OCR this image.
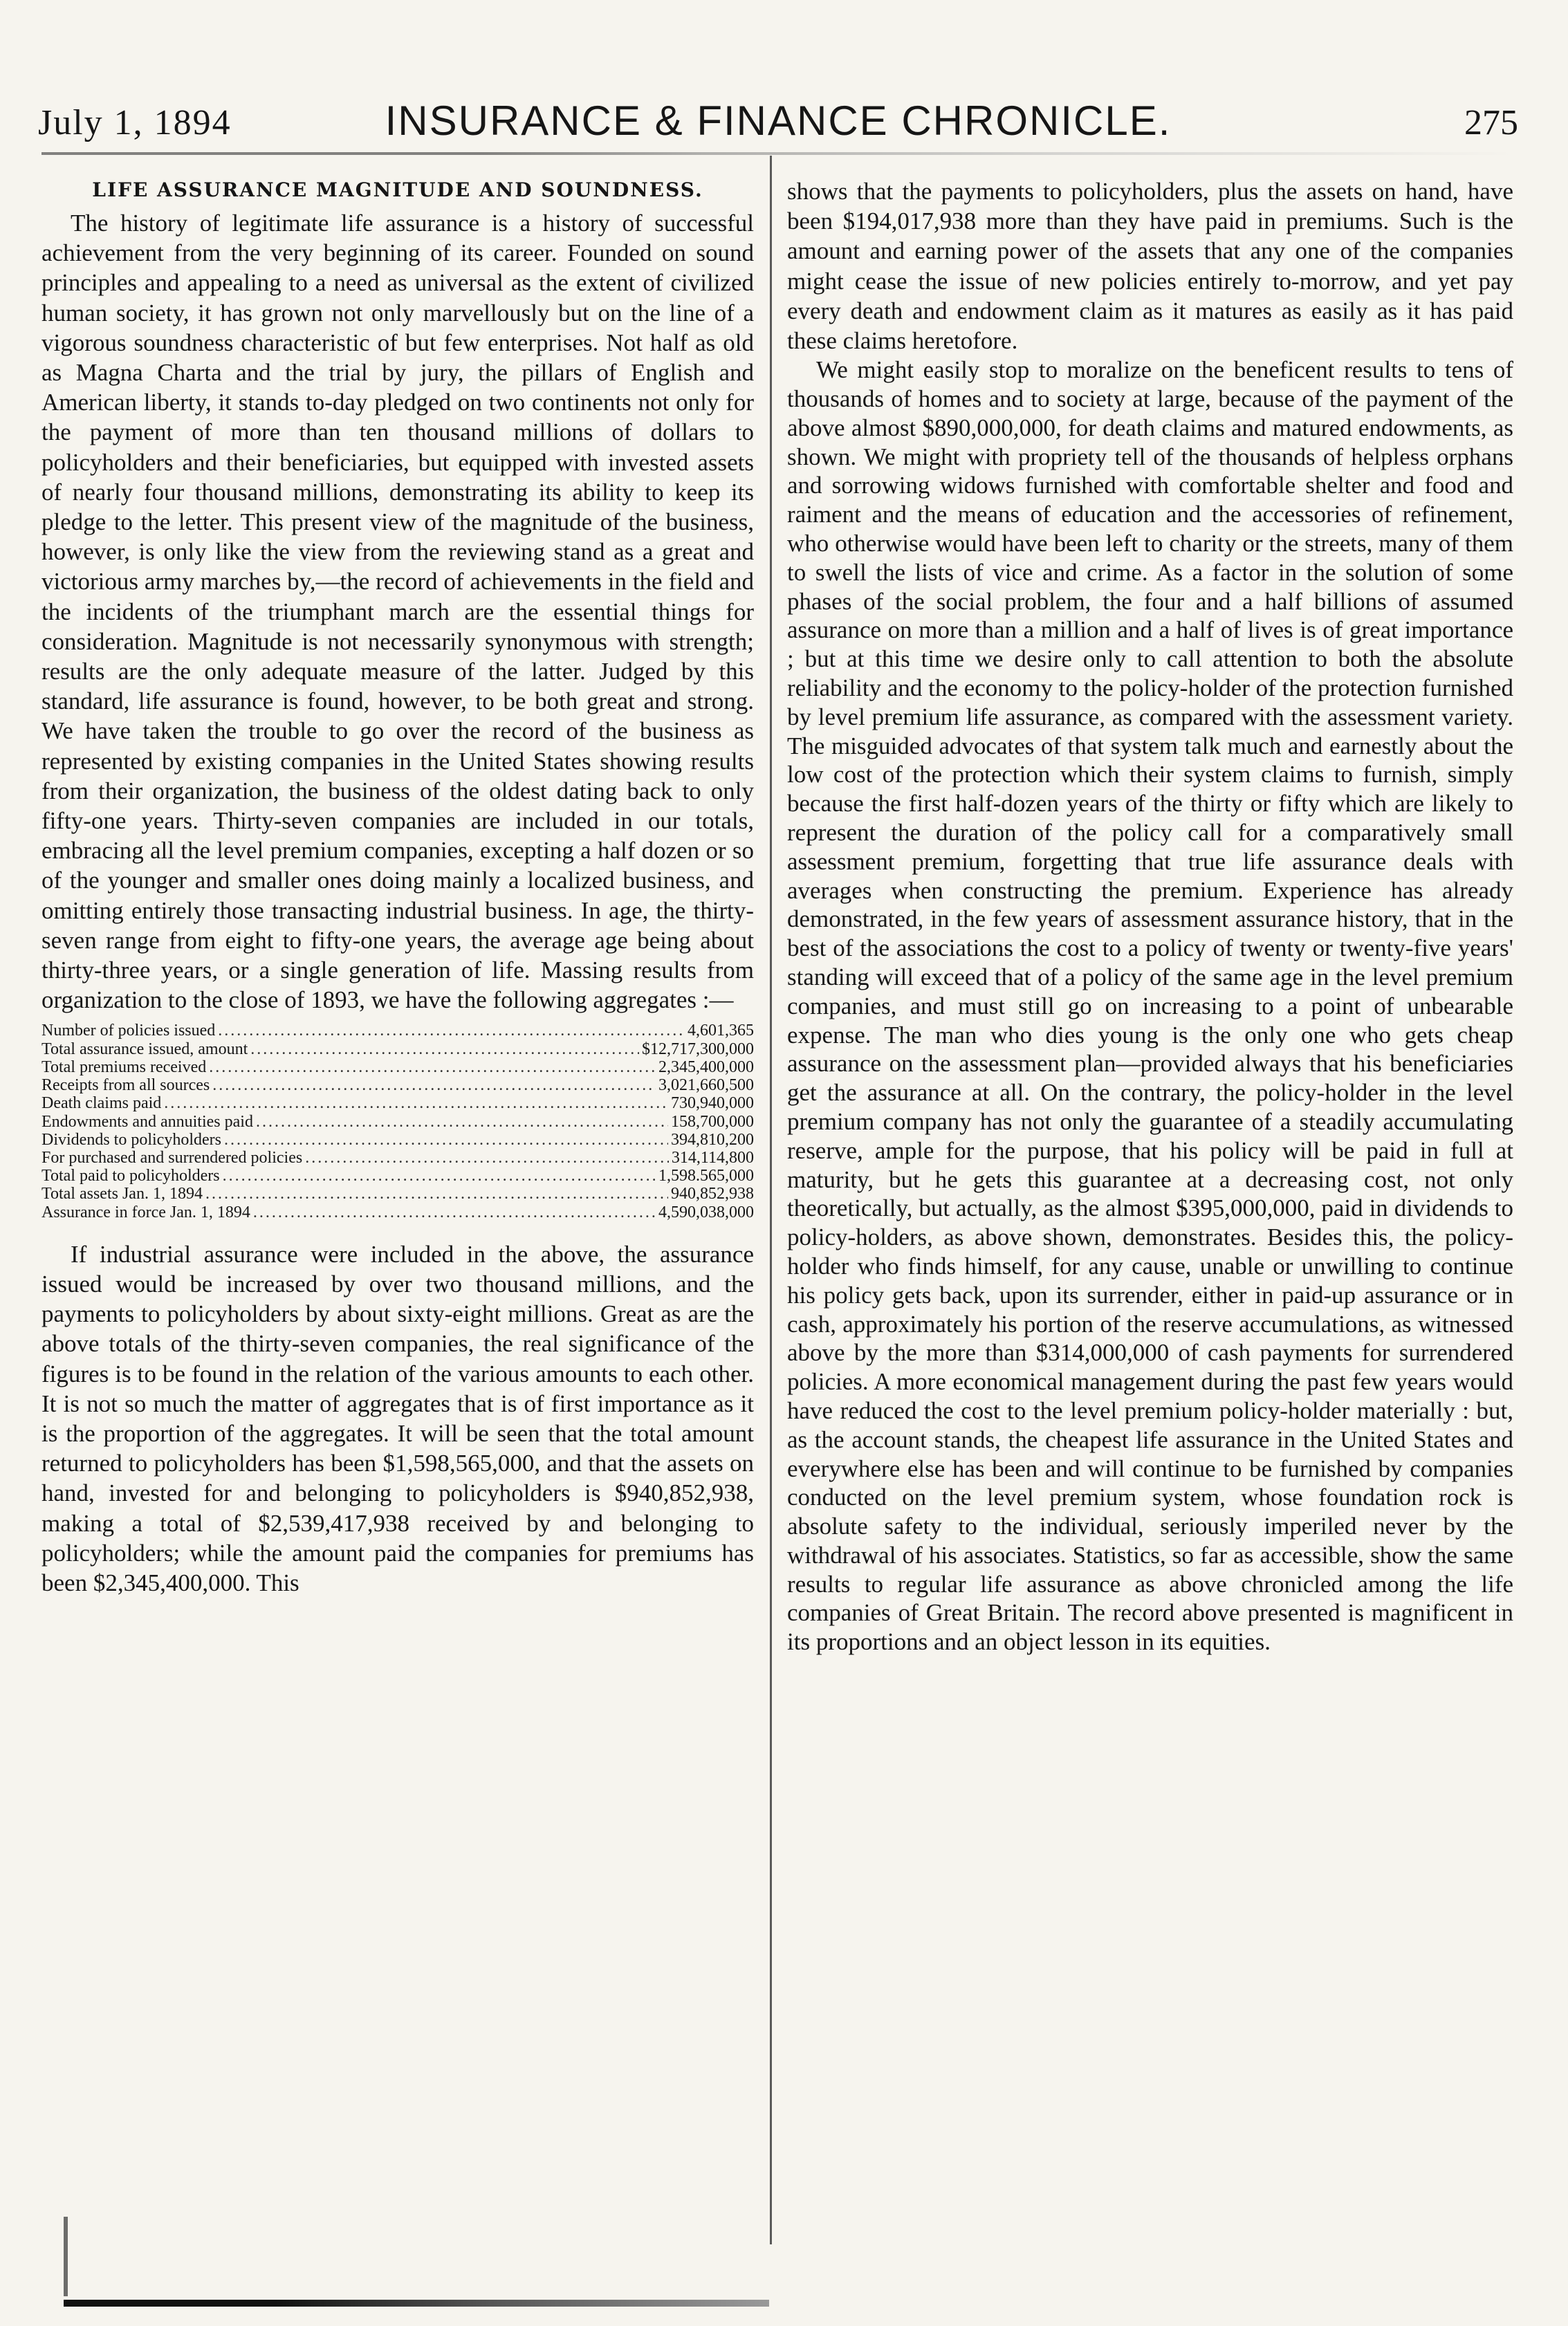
July 1, 1894	INSURANCE & FINANCE CHRONICLE.	275
LIFE ASSURANCE MAGNITUDE AND SOUNDNESS.

The history of legitimate life assurance is a history of successful achievement from the very beginning of its career. Founded on sound principles and appealing to a need as universal as the extent of civilized human society, it has grown not only marvellously but on the line of a vigorous soundness characteristic of but few enterprises. Not half as old as Magna Charta and the trial by jury, the pillars of English and American liberty, it stands to-day pledged on two continents not only for the payment of more than ten thousand millions of dollars to policyholders and their beneficiaries, but equipped with invested assets of nearly four thousand millions, demonstrating its ability to keep its pledge to the letter. This present view of the magnitude of the business, however, is only like the view from the reviewing stand as a great and victorious army marches by,—the record of achievements in the field and the incidents of the triumphant march are the essential things for consideration. Magnitude is not necessarily synonymous with strength; results are the only adequate measure of the latter. Judged by this standard, life assurance is found, however, to be both great and strong. We have taken the trouble to go over the record of the business as represented by existing companies in the United States showing results from their organization, the business of the oldest dating back to only fifty-one years. Thirty-seven companies are included in our totals, embracing all the level premium companies, excepting a half dozen or so of the younger and smaller ones doing mainly a localized business, and omitting entirely those transacting industrial business. In age, the thirty-seven range from eight to fifty-one years, the average age being about thirty-three years, or a single generation of life. Massing results from organization to the close of 1893, we have the following aggregates :—

Number of policies issued .....	4,601,365
Total assurance issued, amount .....	$12,717,300,000
Total premiums received .....	2,345,400,000
Receipts from all sources .....	3,021,660,500
Death claims paid .....	730,940,000
Endowments and annuities paid .....	158,700,000
Dividends to policyholders .....	394,810,200
For purchased and surrendered policies .....	314,114,800
Total paid to policyholders .....	1,598.565,000
Total assets Jan. 1, 1894 .....	940,852,938
Assurance in force Jan. 1, 1894 .....	4,590,038,000

If industrial assurance were included in the above, the assurance issued would be increased by over two thousand millions, and the payments to policyholders by about sixty-eight millions. Great as are the above totals of the thirty-seven companies, the real significance of the figures is to be found in the relation of the various amounts to each other. It is not so much the matter of aggregates that is of first importance as it is the proportion of the aggregates. It will be seen that the total amount returned to policyholders has been $1,598,565,000, and that the assets on hand, invested for and belonging to policyholders is $940,852,938, making a total of $2,539,417,938 received by and belonging to policyholders; while the amount paid the companies for premiums has been $2,345,400,000. This

shows that the payments to policyholders, plus the assets on hand, have been $194,017,938 more than they have paid in premiums. Such is the amount and earning power of the assets that any one of the companies might cease the issue of new policies entirely to-morrow, and yet pay every death and endowment claim as it matures as easily as it has paid these claims heretofore.

We might easily stop to moralize on the beneficent results to tens of thousands of homes and to society at large, because of the payment of the above almost $890,000,000, for death claims and matured endowments, as shown. We might with propriety tell of the thousands of helpless orphans and sorrowing widows furnished with comfortable shelter and food and raiment and the means of education and the accessories of refinement, who otherwise would have been left to charity or the streets, many of them to swell the lists of vice and crime. As a factor in the solution of some phases of the social problem, the four and a half billions of assumed assurance on more than a million and a half of lives is of great importance ; but at this time we desire only to call attention to both the absolute reliability and the economy to the policy-holder of the protection furnished by level premium life assurance, as compared with the assessment variety. The misguided advocates of that system talk much and earnestly about the low cost of the protection which their system claims to furnish, simply because the first half-dozen years of the thirty or fifty which are likely to represent the duration of the policy call for a comparatively small assessment premium, forgetting that true life assurance deals with averages when constructing the premium. Experience has already demonstrated, in the few years of assessment assurance history, that in the best of the associations the cost to a policy of twenty or twenty-five years' standing will exceed that of a policy of the same age in the level premium companies, and must still go on increasing to a point of unbearable expense. The man who dies young is the only one who gets cheap assurance on the assessment plan—provided always that his beneficiaries get the assurance at all. On the contrary, the policy-holder in the level premium company has not only the guarantee of a steadily accumulating reserve, ample for the purpose, that his policy will be paid in full at maturity, but he gets this guarantee at a decreasing cost, not only theoretically, but actually, as the almost $395,000,000, paid in dividends to policy-holders, as above shown, demonstrates. Besides this, the policy-holder who finds himself, for any cause, unable or unwilling to continue his policy gets back, upon its surrender, either in paid-up assurance or in cash, approximately his portion of the reserve accumulations, as witnessed above by the more than $314,000,000 of cash payments for surrendered policies. A more economical management during the past few years would have reduced the cost to the level premium policy-holder materially : but, as the account stands, the cheapest life assurance in the United States and everywhere else has been and will continue to be furnished by companies conducted on the level premium system, whose foundation rock is absolute safety to the individual, seriously imperiled never by the withdrawal of his associates. Statistics, so far as accessible, show the same results to regular life assurance as above chronicled among the life companies of Great Britain. The record above presented is magnificent in its proportions and an object lesson in its equities.
